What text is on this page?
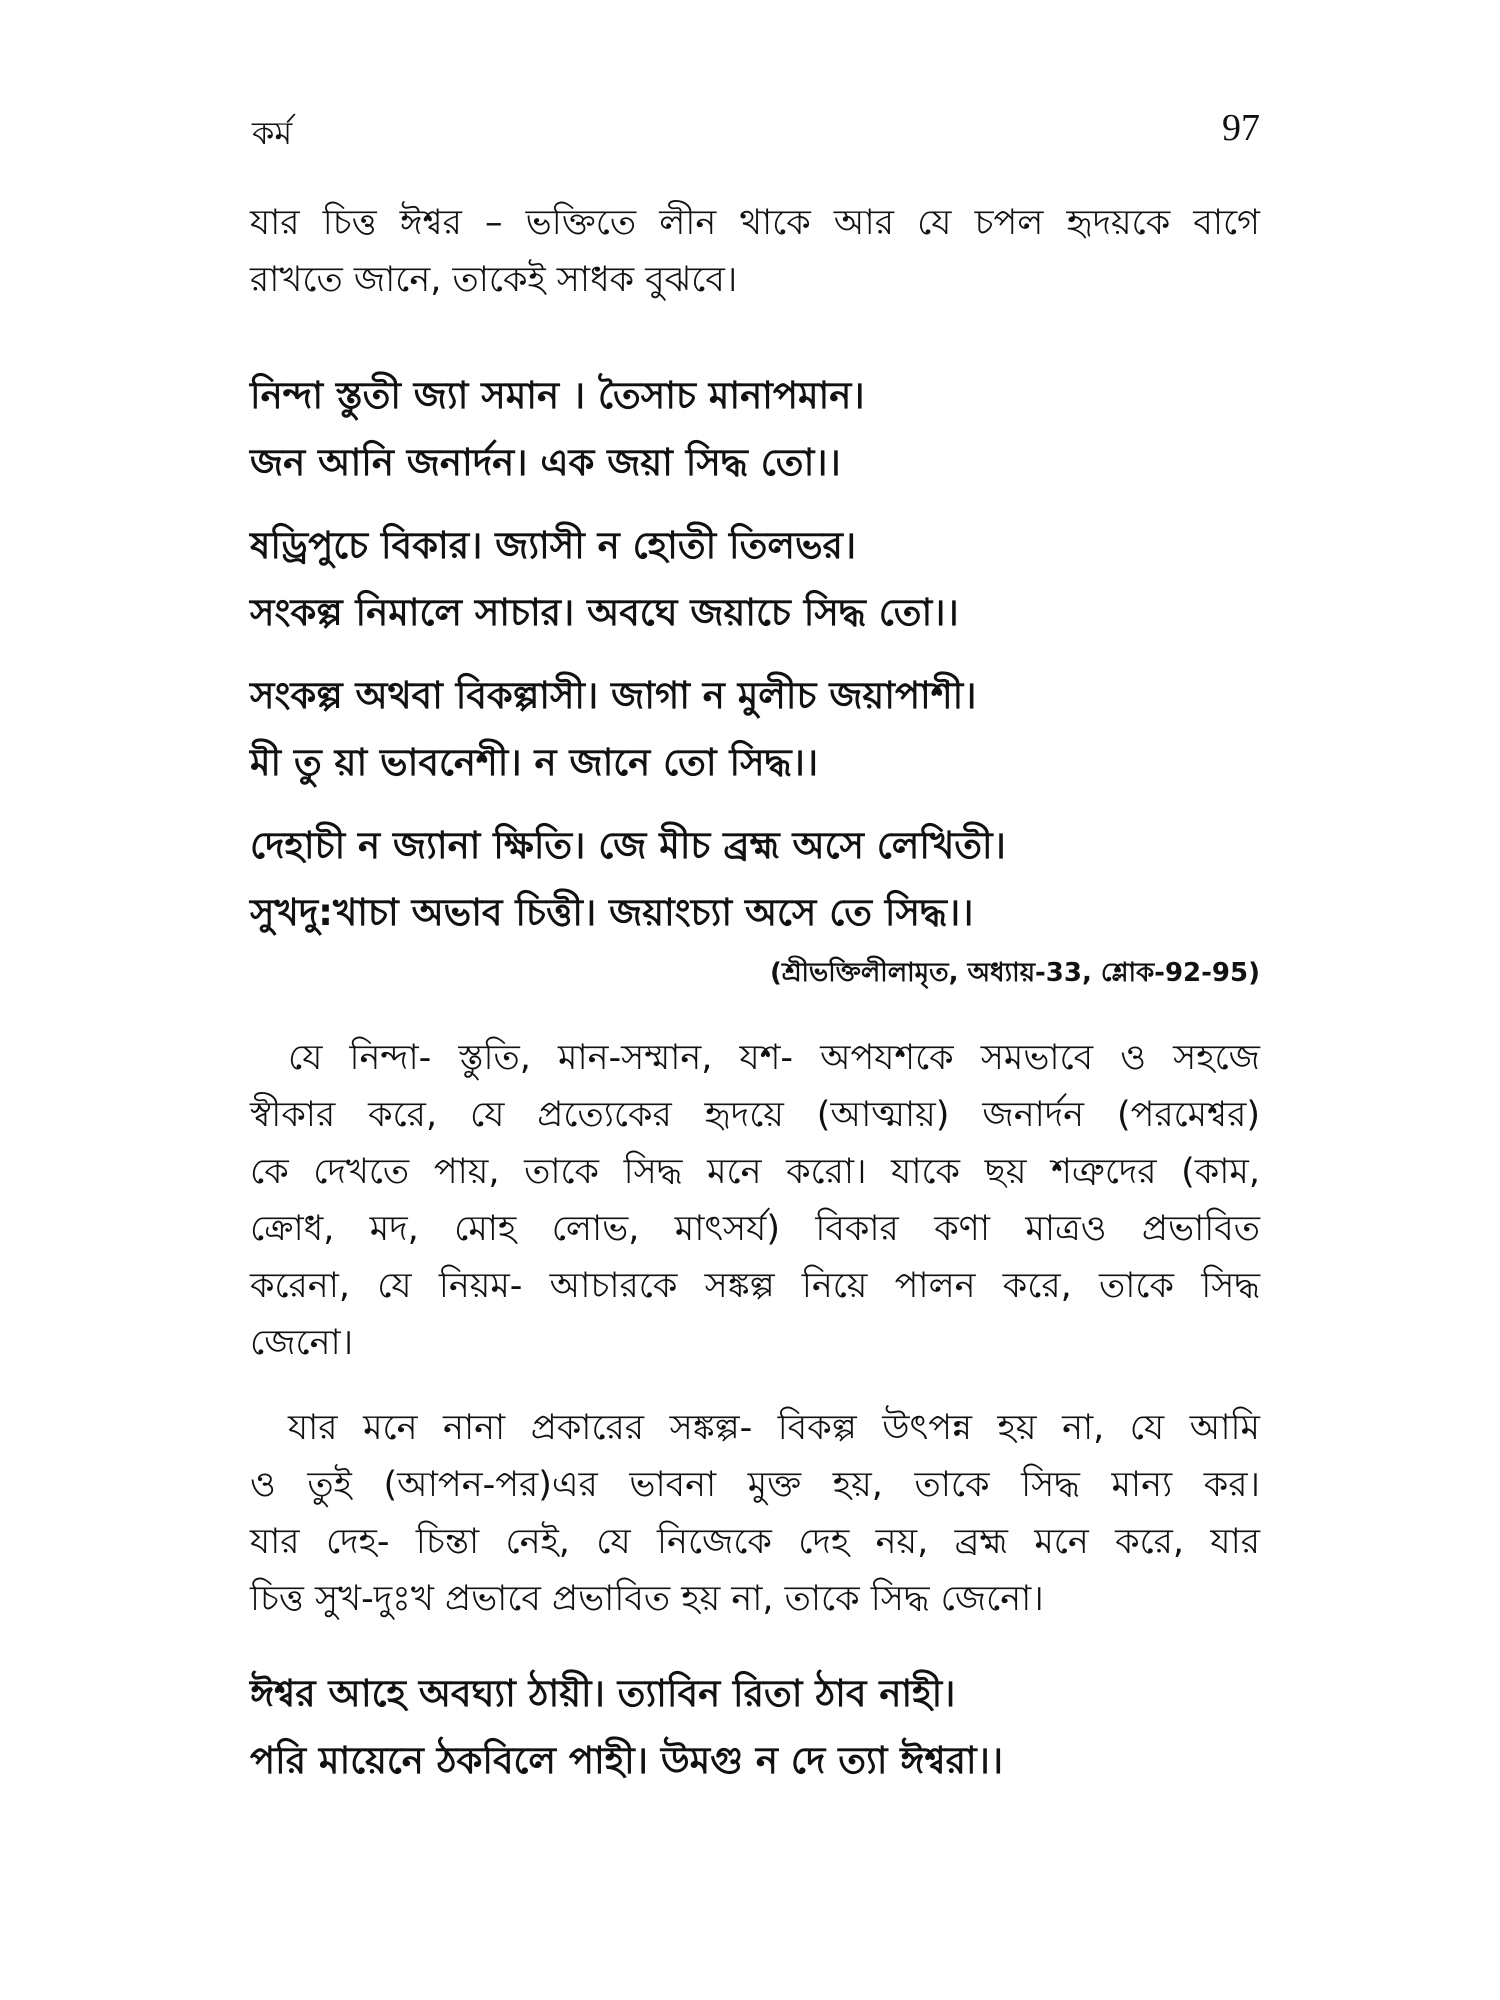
কর্ম	97
যার চিত্ত ঈশ্বর – ভক্তিতে লীন থাকে আর যে চপল হৃদয়কে বাগে
রাখতে জানে, তাকেই সাধক বুঝবে।
নিন্দা স্তুতী জ্যা সমান । তৈসাচ মানাপমান।
জন আনি জনার্দন। এক জয়া সিদ্ধ তো।।
ষড্রিপুচে বিকার। জ্যাসী ন হোতী তিলভর।
সংকল্প নিমালে সাচার। অবঘে জয়াচে সিদ্ধ তো।।
সংকল্প অথবা বিকল্পাসী। জাগা ন মুলীচ জয়াপাশী।
মী তু য়া ভাবনেশী। ন জানে তো সিদ্ধ।।
দেহাচী ন জ্যানা ক্ষিতি। জে মীচ ব্রহ্ম অসে লেখিতী।
সুখদু:খাচা অভাব চিত্তী। জয়াংচ্যা অসে তে সিদ্ধ।।
(শ্রীভক্তিলীলামৃত, অধ্যায়-33, শ্লোক-92-95)
যে নিন্দা- স্তুতি, মান-সম্মান, যশ- অপযশকে সমভাবে ও সহজে
স্বীকার করে, যে প্রত্যেকের হৃদয়ে (আত্মায়) জনার্দন (পরমেশ্বর)
কে দেখতে পায়, তাকে সিদ্ধ মনে করো। যাকে ছয় শত্রুদের (কাম,
ক্রোধ, মদ, মোহ লোভ, মাৎসর্য) বিকার কণা মাত্রও প্রভাবিত
করেনা, যে নিয়ম- আচারকে সঙ্কল্প নিয়ে পালন করে, তাকে সিদ্ধ
জেনো।
যার মনে নানা প্রকারের সঙ্কল্প- বিকল্প উৎপন্ন হয় না, যে আমি
ও তুই (আপন-পর)এর ভাবনা মুক্ত হয়, তাকে সিদ্ধ মান্য কর।
যার দেহ- চিন্তা নেই, যে নিজেকে দেহ নয়, ব্রহ্ম মনে করে, যার
চিত্ত সুখ-দুঃখ প্রভাবে প্রভাবিত হয় না, তাকে সিদ্ধ জেনো।
ঈশ্বর আহে অবঘ্যা ঠায়ী। ত্যাবিন রিতা ঠাব নাহী।
পরি মায়েনে ঠকবিলে পাহী। উমগু ন দে ত্যা ঈশ্বরা।।
